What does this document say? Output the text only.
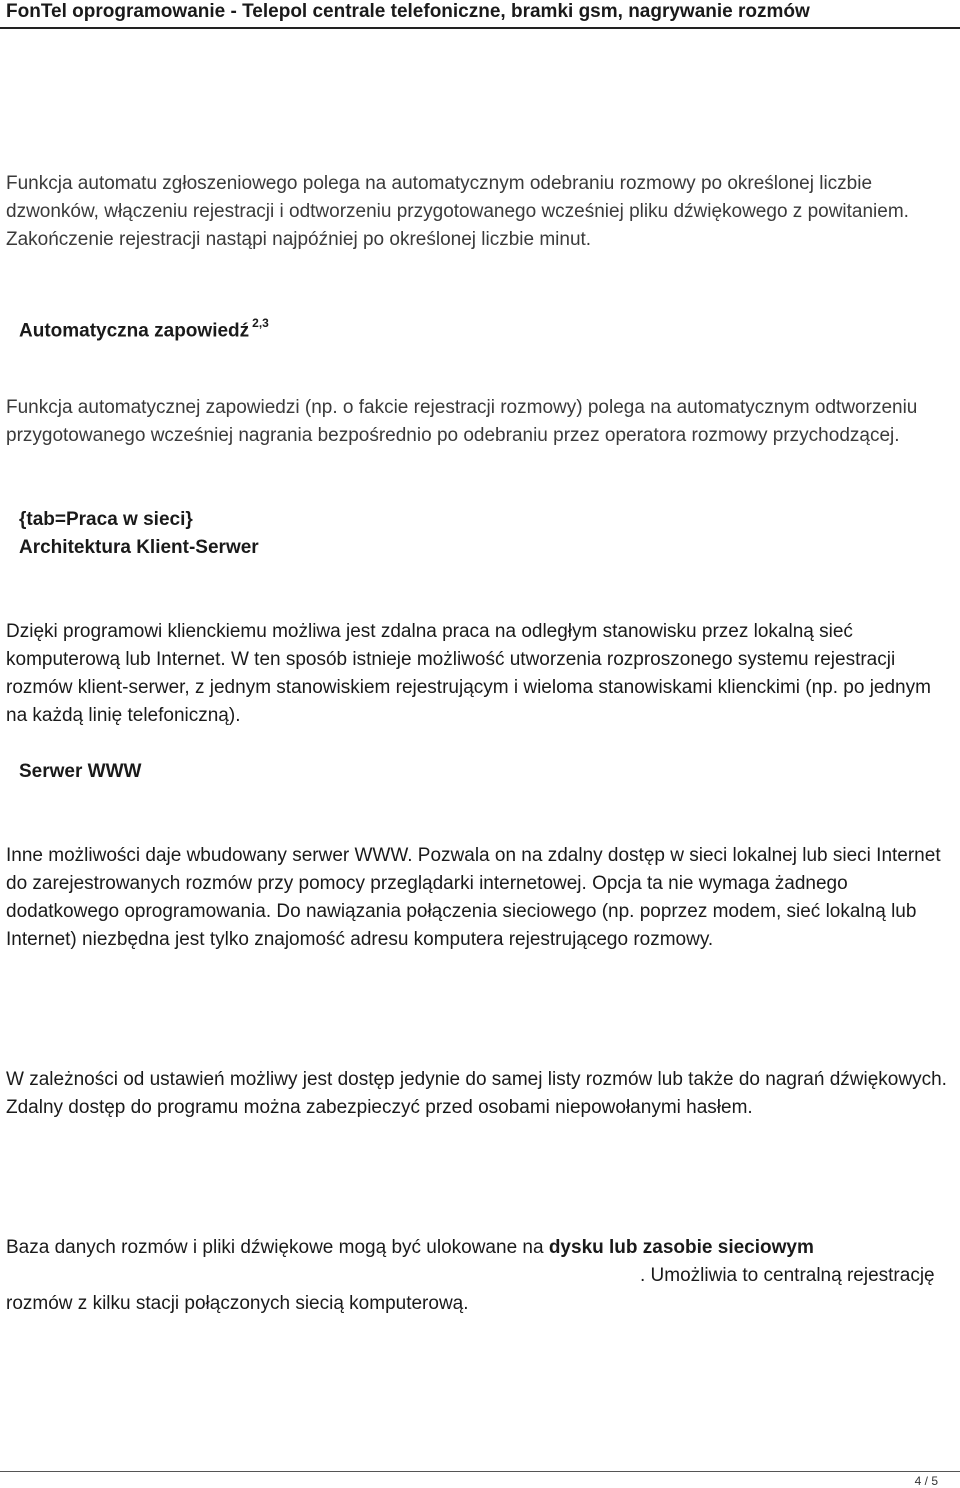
FonTel oprogramowanie - Telepol centrale telefoniczne, bramki gsm, nagrywanie rozmów

Funkcja automatu zgłoszeniowego polega na automatycznym odebraniu rozmowy po określonej liczbie dzwonków, włączeniu rejestracji i odtworzeniu przygotowanego wcześniej pliku dźwiękowego z powitaniem. Zakończenie rejestracji nastąpi najpóźniej po określonej liczbie minut.

Automatyczna zapowiedź $^{2,3}$

Funkcja automatycznej zapowiedzi (np. o fakcie rejestracji rozmowy) polega na automatycznym odtworzeniu przygotowanego wcześniej nagrania bezpośrednio po odebraniu przez operatora rozmowy przychodzącej.

{tab=Praca w sieci}
Architektura Klient-Serwer

Dzięki programowi klienckiemu możliwa jest zdalna praca na odległym stanowisku przez lokalną sieć komputerową lub Internet. W ten sposób istnieje możliwość utworzenia rozproszonego systemu rejestracji rozmów klient-serwer, z jednym stanowiskiem rejestrującym i wieloma stanowiskami klienckimi (np. po jednym na każdą linię telefoniczną).

Serwer WWW

Inne możliwości daje wbudowany serwer WWW. Pozwala on na zdalny dostęp w sieci lokalnej lub sieci Internet do zarejestrowanych rozmów przy pomocy przeglądarki internetowej. Opcja ta nie wymaga żadnego dodatkowego oprogramowania. Do nawiązania połączenia sieciowego (np. poprzez modem, sieć lokalną lub Internet) niezbędna jest tylko znajomość adresu komputera rejestrującego rozmowy.

W zależności od ustawień możliwy jest dostęp jedynie do samej listy rozmów lub także do nagrań dźwiękowych. Zdalny dostęp do programu można zabezpieczyć przed osobami niepowołanymi hasłem.

Baza danych rozmów i pliki dźwiękowe mogą być ulokowane na dysku lub zasobie sieciowym. Umożliwia to centralną rejestrację rozmów z kilku stacji połączonych siecią komputerową.

4 / 5
